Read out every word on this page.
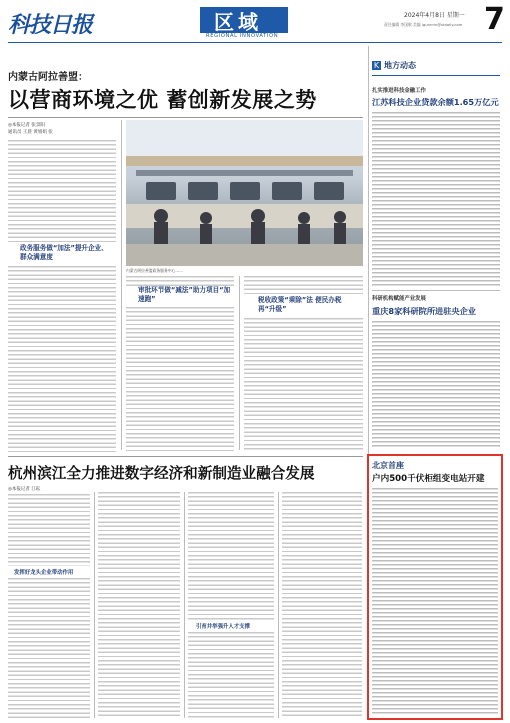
科技日报	区域
REGIONAL INNOVATION
2024年4月8日 星期一
责任编辑 李国敏 美编 lgunmin@stdaily.com 7
内蒙古阿拉善盟：
以营商环境之优 蓄创新发展之势
◎本报记者 张景阳
通讯员 王晨 黄娟娟 张
政务服务做“加法”提升企业、群众满意度
内蒙古阿拉善盟政务服务中心……
审批环节做“减法”助力项目“加速跑”	税收政策“乘除”法 便民办税再“升级”
K 地方动态
扎实推进科技金融工作
江苏科技企业贷款余额1.65万亿元
科研机构赋能产业发展
重庆8家科研院所进驻央企业
杭州滨江全力推进数字经济和新制造业融合发展
◎本报记者 江耘
发挥好龙头企业带动作用
引育并举强升人才支撑
北京首座
户内500千伏柜组变电站开建
